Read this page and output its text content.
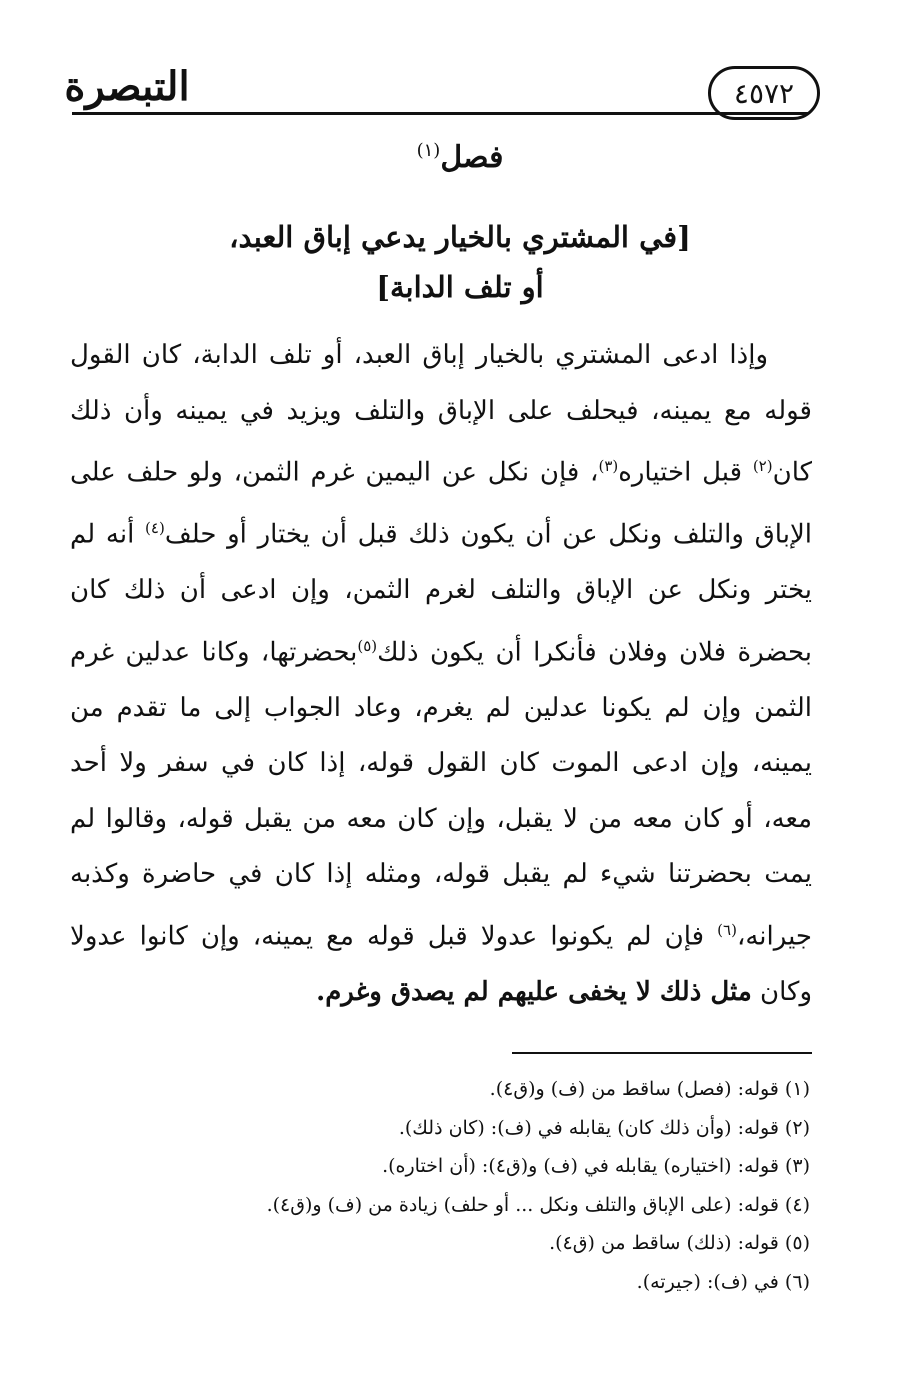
التبصرة	٤٥٧٢
فصل$^{(١)}$
[في المشتري بالخيار يدعي إباق العبد،
أو تلف الدابة]

وإذا ادعى المشتري بالخيار إباق العبد، أو تلف الدابة، كان القول قوله مع يمينه، فيحلف على الإباق والتلف ويزيد في يمينه وأن ذلك كان$^{(٢)}$ قبل اختياره$^{(٣)}$، فإن نكل عن اليمين غرم الثمن، ولو حلف على الإباق والتلف ونكل عن أن يكون ذلك قبل أن يختار أو حلف$^{(٤)}$ أنه لم يختر ونكل عن الإباق والتلف لغرم الثمن، وإن ادعى أن ذلك كان بحضرة فلان وفلان فأنكرا أن يكون ذلك$^{(٥)}$بحضرتها، وكانا عدلين غرم الثمن وإن لم يكونا عدلين لم يغرم، وعاد الجواب إلى ما تقدم من يمينه، وإن ادعى الموت كان القول قوله، إذا كان في سفر ولا أحد معه، أو كان معه من لا يقبل، وإن كان معه من يقبل قوله، وقالوا لم يمت بحضرتنا شيء لم يقبل قوله، ومثله إذا كان في حاضرة وكذبه جيرانه،$^{(٦)}$ فإن لم يكونوا عدولا قبل قوله مع يمينه، وإن كانوا عدولا وكان مثل ذلك لا يخفى عليهم لم يصدق وغرم.

(١) قوله: (فصل) ساقط من (ف) و(ق٤).
(٢) قوله: (وأن ذلك كان) يقابله في (ف): (كان ذلك).
(٣) قوله: (اختياره) يقابله في (ف) و(ق٤): (أن اختاره).
(٤) قوله: (على الإباق والتلف ونكل ... أو حلف) زيادة من (ف) و(ق٤).
(٥) قوله: (ذلك) ساقط من (ق٤).
(٦) في (ف): (جيرته).
